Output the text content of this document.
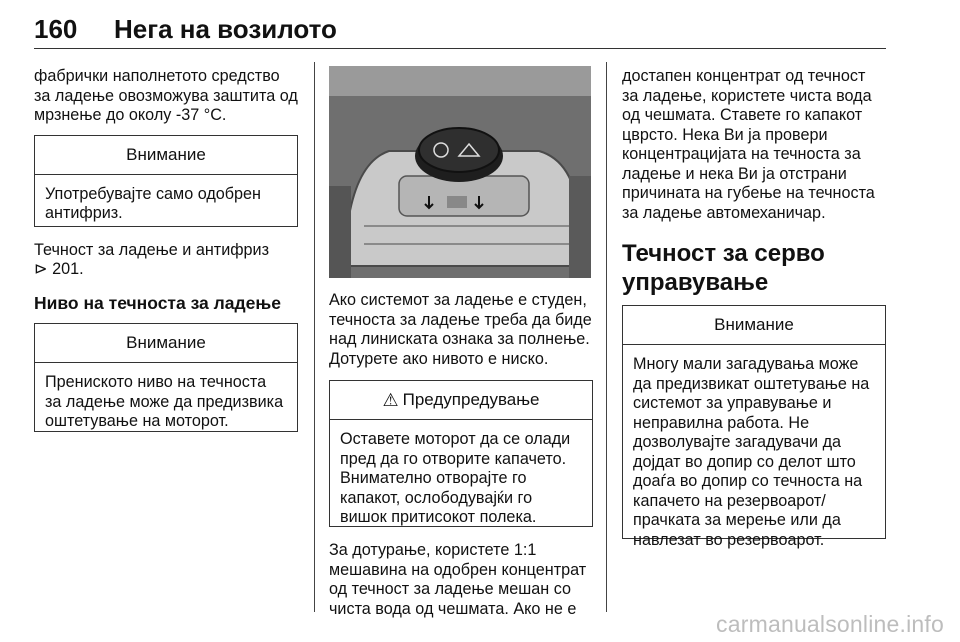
160 Нега на возилото

фабрички наполнетото средство за ладење овозможува заштита од мрзнење до околу -37 °C.

Внимание
Употребувајте само одобрен антифриз.

Течност за ладење и антифриз
⊳ 201.

Ниво на течноста за ладење

Внимание
Прениското ниво на течноста за ладење може да предизвика оштетување на моторот.

Ако системот за ладење е студен, течноста за ладење треба да биде над линиската ознака за полнење. Дотурете ако нивото е ниско.

⚠ Предупредување
Оставете моторот да се олади пред да го отворите капачето. Внимателно отворајте го капакот, ослободувајќи го вишок притисокот полека.

За дотурање, користете 1:1 мешавина на одобрен концентрат од течност за ладење мешан со чиста вода од чешмата. Ако не е

достапен концентрат од течност за ладење, користете чиста вода од чешмата. Ставете го капакот цврсто. Нека Ви ја провери концентрацијата на течноста за ладење и нека Ви ја отстрани причината на губење на течноста за ладење автомеханичар.

Течност за серво управување

Внимание
Многу мали загадувања може да предизвикат оштетување на системот за управување и неправилна работа. Не дозволувајте загадувачи да дојдат во допир со делот што доаѓа во допир со течноста на капачето на резервоарот/прачката за мерење или да навлезат во резервоарот.
carmanualsonline.info
